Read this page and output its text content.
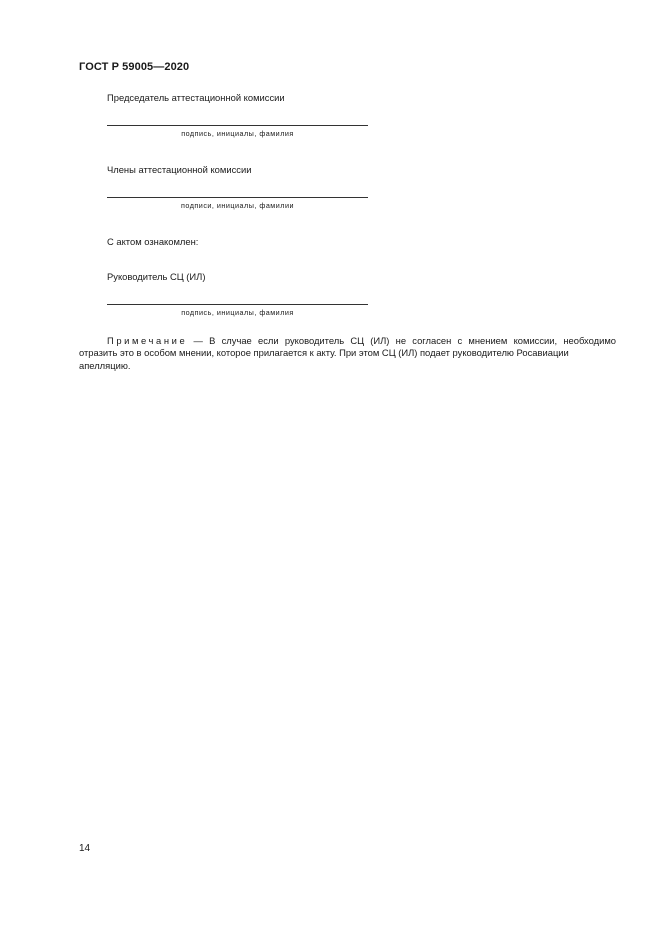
ГОСТ Р 59005—2020
Председатель аттестационной комиссии
подпись, инициалы, фамилия
Члены аттестационной комиссии
подписи, инициалы, фамилии
С актом ознакомлен:
Руководитель СЦ (ИЛ)
подпись, инициалы, фамилия
Примечание — В случае если руководитель СЦ (ИЛ) не согласен с мнением комиссии, необходимо
отразить это в особом мнении, которое прилагается к акту. При этом СЦ (ИЛ) подает руководителю Росавиации
апелляцию.
14
